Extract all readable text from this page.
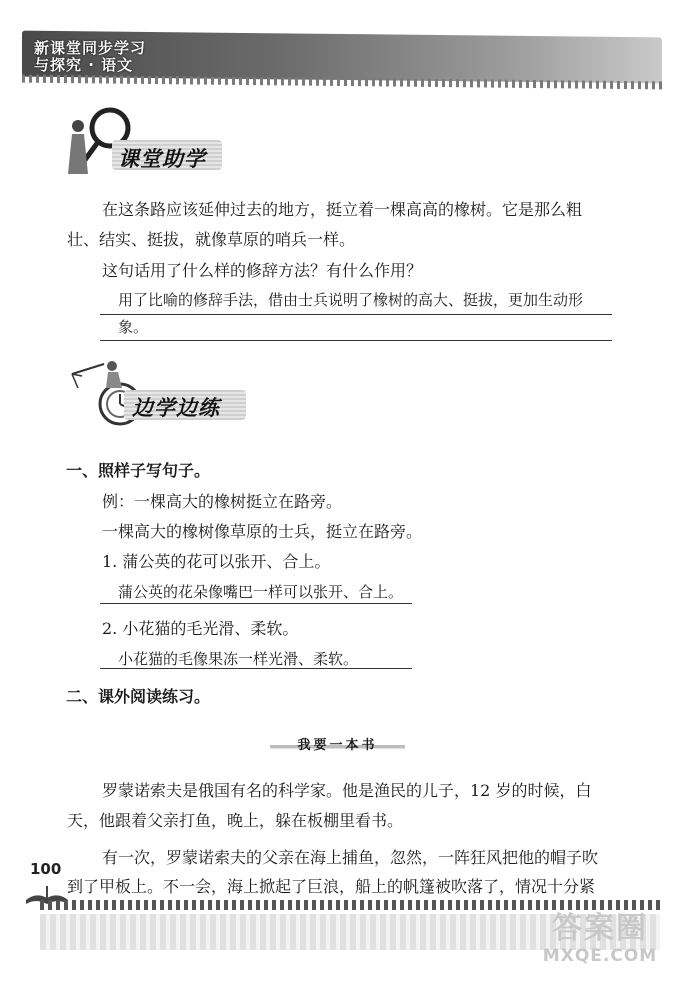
新课堂同步学习
与探究 · 语文
课堂助学
在这条路应该延伸过去的地方，挺立着一棵高高的橡树。它是那么粗
壮、结实、挺拔，就像草原的哨兵一样。
这句话用了什么样的修辞方法？有什么作用？
用了比喻的修辞手法，借由士兵说明了橡树的高大、挺拔，更加生动形
象。
边学边练
一、照样子写句子。
例：一棵高大的橡树挺立在路旁。
一棵高大的橡树像草原的士兵，挺立在路旁。
1. 蒲公英的花可以张开、合上。
蒲公英的花朵像嘴巴一样可以张开、合上。
2. 小花猫的毛光滑、柔软。
小花猫的毛像果冻一样光滑、柔软。
二、课外阅读练习。
我要一本书
罗蒙诺索夫是俄国有名的科学家。他是渔民的儿子，12 岁的时候，白
天，他跟着父亲打鱼，晚上，躲在板棚里看书。
有一次，罗蒙诺索夫的父亲在海上捕鱼，忽然，一阵狂风把他的帽子吹
到了甲板上。不一会，海上掀起了巨浪，船上的帆篷被吹落了，情况十分紧
100
答案圈
MXQE.COM
